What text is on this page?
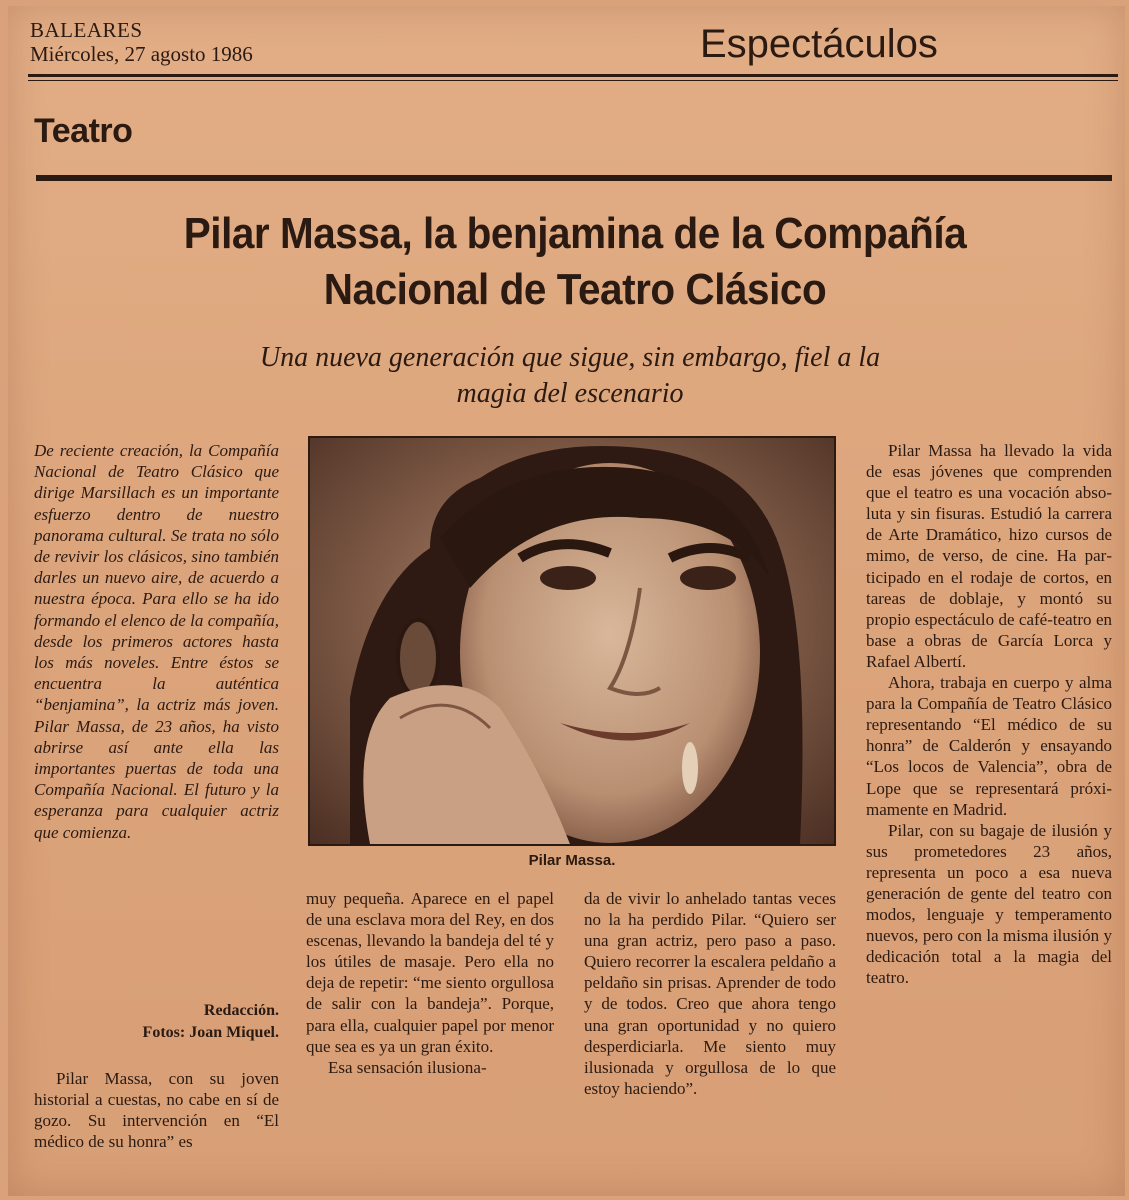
BALEARES
Miércoles, 27 agosto 1986	Espectáculos
Teatro
Pilar Massa, la benjamina de la Compañía
Nacional de Teatro Clásico
Una nueva generación que sigue, sin embargo, fiel a la
magia del escenario
De reciente creación, la Compañía Nacional de Teatro Clásico que dirige Marsillach es un importante esfuerzo dentro de nuestro panorama cultural. Se trata no sólo de revivir los clásicos, sino también darles un nuevo aire, de acuerdo a nuestra época. Para ello se ha ido formando el elenco de la compañía, desde los primeros actores hasta los más noveles. Entre éstos se encuentra la auténtica “benjamina”, la actriz más joven. Pilar Massa, de 23 años, ha visto abrirse así ante ella las importantes puertas de toda una Compañía Nacional. El futuro y la esperanza para cualquier actriz que comienza.
Redacción.
Fotos: Joan Miquel.

Pilar Massa, con su joven historial a cuestas, no cabe en sí de gozo. Su intervención en “El médico de su honra” es

Pilar Massa.

muy pequeña. Aparece en el papel de una esclava mora del Rey, en dos escenas, llevando la bandeja del té y los útiles de masaje. Pero ella no deja de repetir: “me siento orgullosa de salir con la bandeja”. Porque, para ella, cualquier papel por menor que sea es ya un gran éxito.

Esa sensación ilusiona-

da de vivir lo anhelado tantas veces no la ha perdido Pilar. “Quiero ser una gran actriz, pero paso a paso. Quiero recorrer la escalera peldaño a peldaño sin prisas. Aprender de todo y de todos. Creo que ahora tengo una gran oportunidad y no quiero desperdiciarla. Me siento muy ilusionada y orgullosa de lo que estoy haciendo”.

Pilar Massa ha llevado la vida de esas jóvenes que comprenden que el teatro es una vocación absoluta y sin fisuras. Estudió la carrera de Arte Dramático, hizo cursos de mimo, de verso, de cine. Ha participado en el rodaje de cortos, en tareas de doblaje, y montó su propio espectáculo de café-teatro en base a obras de García Lorca y Rafael Albertí.

Ahora, trabaja en cuerpo y alma para la Compañía de Teatro Clásico representando “El médico de su honra” de Calderón y ensayando “Los locos de Valencia”, obra de Lope que se representará próximamente en Madrid.

Pilar, con su bagaje de ilusión y sus prometedores 23 años, representa un poco a esa nueva generación de gente del teatro con modos, lenguaje y temperamento nuevos, pero con la misma ilusión y dedicación total a la magia del teatro.
